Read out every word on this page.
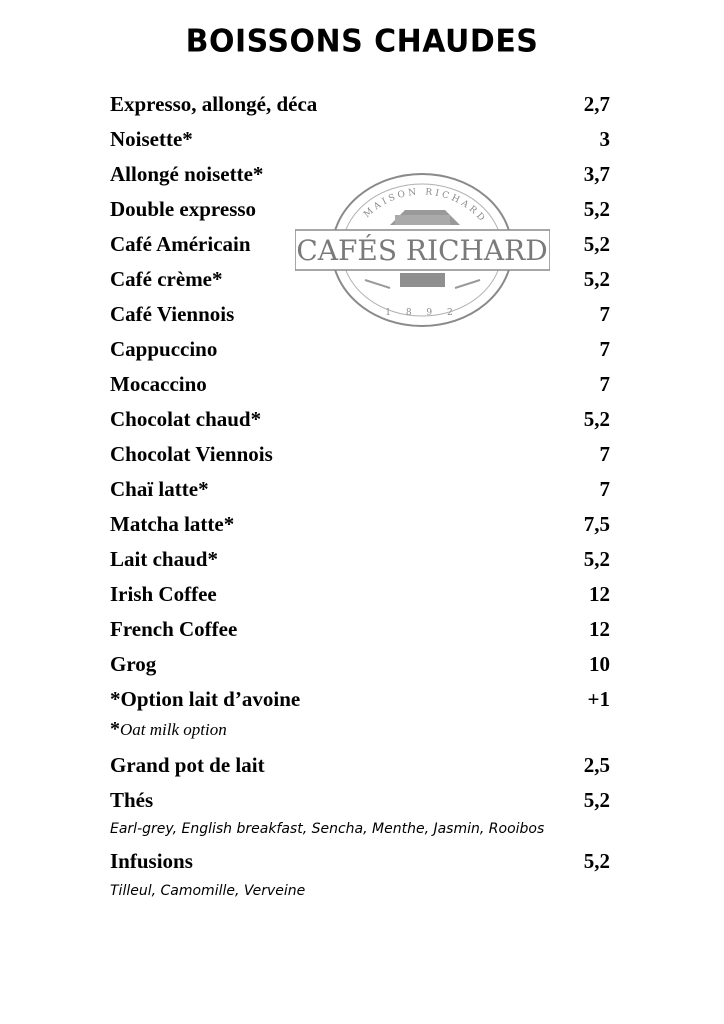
BOISSONS CHAUDES
MAISON RICHARD
CAFÉS RICHARD
1 8 9 2
Expresso, allongé, déca	2,7
Noisette*	3
Allongé noisette*	3,7
Double expresso	5,2
Café Américain	5,2
Café crème*	5,2
Café Viennois	7
Cappuccino	7
Mocaccino	7
Chocolat chaud*	5,2
Chocolat Viennois	7
Chaï latte*	7
Matcha latte*	7,5
Lait chaud*	5,2
Irish Coffee	12
French Coffee	12
Grog	10
*Option lait d’avoine	+1
*Oat milk option
Grand pot de lait	2,5
Thés	5,2
Earl-grey, English breakfast, Sencha, Menthe, Jasmin, Rooibos
Infusions	5,2
Tilleul, Camomille, Verveine
